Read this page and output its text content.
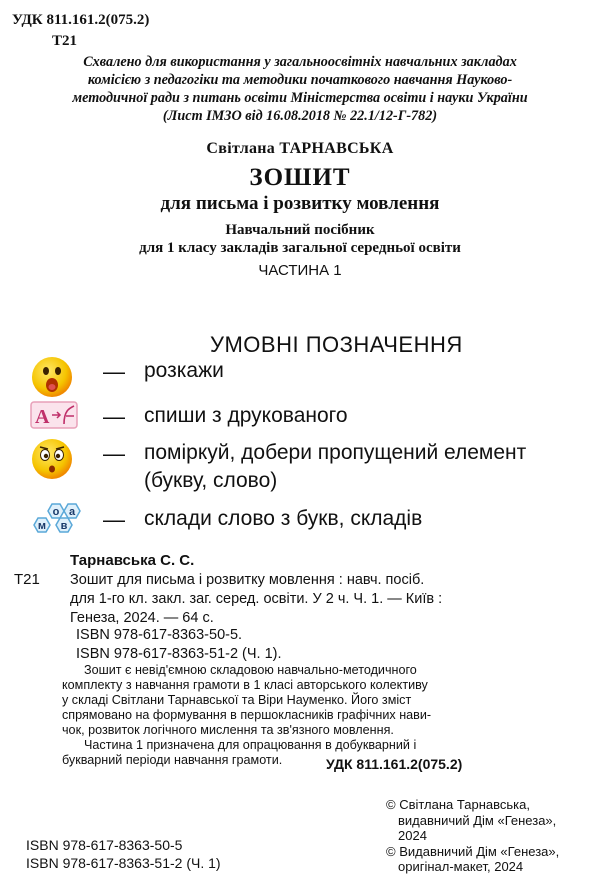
УДК 811.161.2(075.2)
Т21
Схвалено для використання у загальноосвітніх навчальних закладах
комісією з педагогіки та методики початкового навчання Науково-
методичної ради з питань освіти Міністерства освіти і науки України
(Лист ІМЗО від 16.08.2018 № 22.1/12-Г-782)
Світлана ТАРНАВСЬКА
ЗОШИТ
для письма і розвитку мовлення
Навчальний посібник
для 1 класу закладів загальної середньої освіти
ЧАСТИНА 1
УМОВНІ ПОЗНАЧЕННЯ
— розкажи
А	— спиши з друкованого
— поміркуй, добери пропущений елемент
(букву, слово)
о а
м в	— склади слово з букв, складів
Тарнавська С. С.
Т21 Зошит для письма і розвитку мовлення : навч. посіб.
для 1-го кл. закл. заг. серед. освіти. У 2 ч. Ч. 1. — Київ :
Генеза, 2024. — 64 с.
ISBN 978-617-8363-50-5.
ISBN 978-617-8363-51-2 (Ч. 1).
Зошит є невід'ємною складовою навчально-методичного
комплекту з навчання грамоти в 1 класі авторського колективу
у складі Світлани Тарнавської та Віри Науменко. Його зміст
спрямовано на формування в першокласників графічних нави-
чок, розвиток логічного мислення та зв'язного мовлення.
Частина 1 призначена для опрацювання в добукварний і
букварний періоди навчання грамоти.	УДК 811.161.2(075.2)
© Світлана Тарнавська,
видавничий Дім «Генеза»,
2024
© Видавничий Дім «Генеза»,
оригінал-макет, 2024
ISBN 978-617-8363-50-5
ISBN 978-617-8363-51-2 (Ч. 1)
